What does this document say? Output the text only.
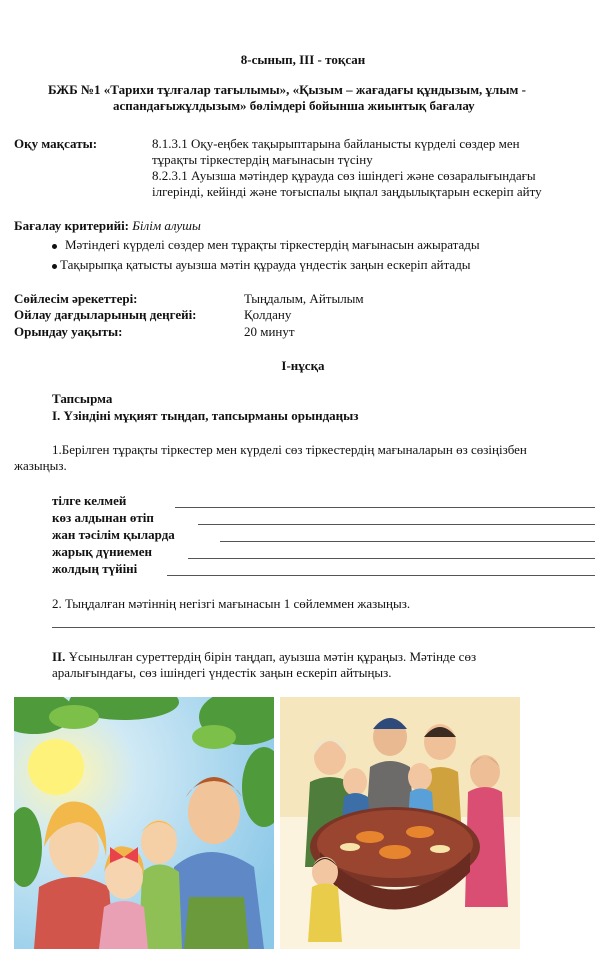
8-сынып, III - тоқсан
БЖБ №1 «Тарихи тұлғалар тағылымы», «Қызым – жағадағы құндызым, ұлым -
аспандағыжұлдызым» бөлімдері бойынша жиынтық бағалау
Оқу мақсаты:	8.1.3.1 Оқу-еңбек тақырыптарына байланысты күрделі сөздер мен
тұрақты тіркестердің мағынасын түсіну
8.2.3.1 Ауызша мәтіндер құрауда сөз ішіндегі және сөзаралығындағы
ілгерінді, кейінді және тоғыспалы ықпал заңдылықтарын ескеріп айту
Бағалау критерийі: Білім алушы
Мәтіндегі күрделі сөздер мен тұрақты тіркестердің мағынасын ажыратады
Тақырыпқа қатысты ауызша мәтін құрауда үндестік заңын ескеріп айтады
Сөйлесім әрекеттері:	Тыңдалым, Айтылым
Ойлау дағдыларының деңгейі:	Қолдану
Орындау уақыты:	20 минут
І-нұсқа
Тапсырма
І. Үзіндіні мұқият тыңдап, тапсырманы орындаңыз
1.Берілген тұрақты тіркестер мен күрделі сөз тіркестердің мағыналарын өз сөзіңізбен
жазыңыз.
тілге келмей
көз алдынан өтіп
жан тәсілім қыларда
жарық дүниемен
жолдың түйіні
2. Тыңдалған мәтіннің негізгі мағынасын 1 сөйлеммен жазыңыз.
ІІ. Ұсынылған суреттердің бірін таңдап, ауызша мәтін құраңыз. Мәтінде сөз
аралығындағы, сөз ішіндегі үндестік заңын ескеріп айтыңыз.
